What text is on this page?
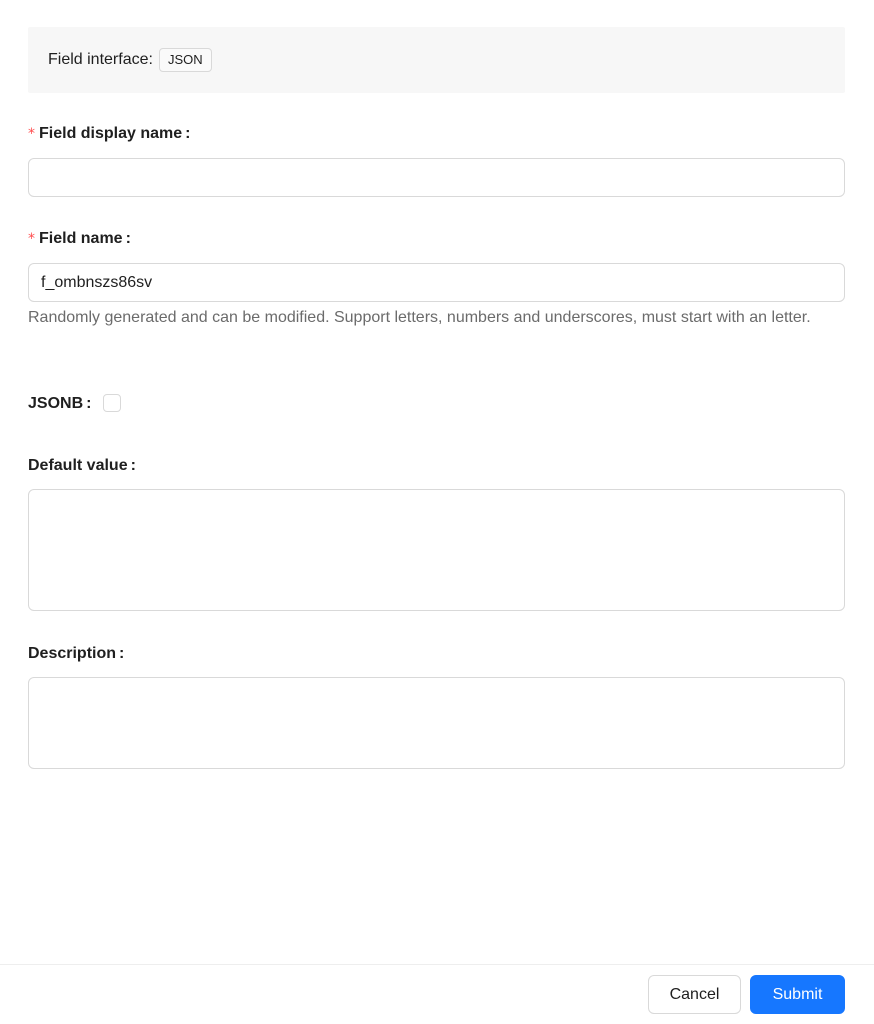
Field interface:	JSON
* Field display name :
* Field name :
f_ombnszs86sv
Randomly generated and can be modified. Support letters, numbers and underscores, must start with an letter.
JSONB :
Default value :
Description :
Cancel	Submit
